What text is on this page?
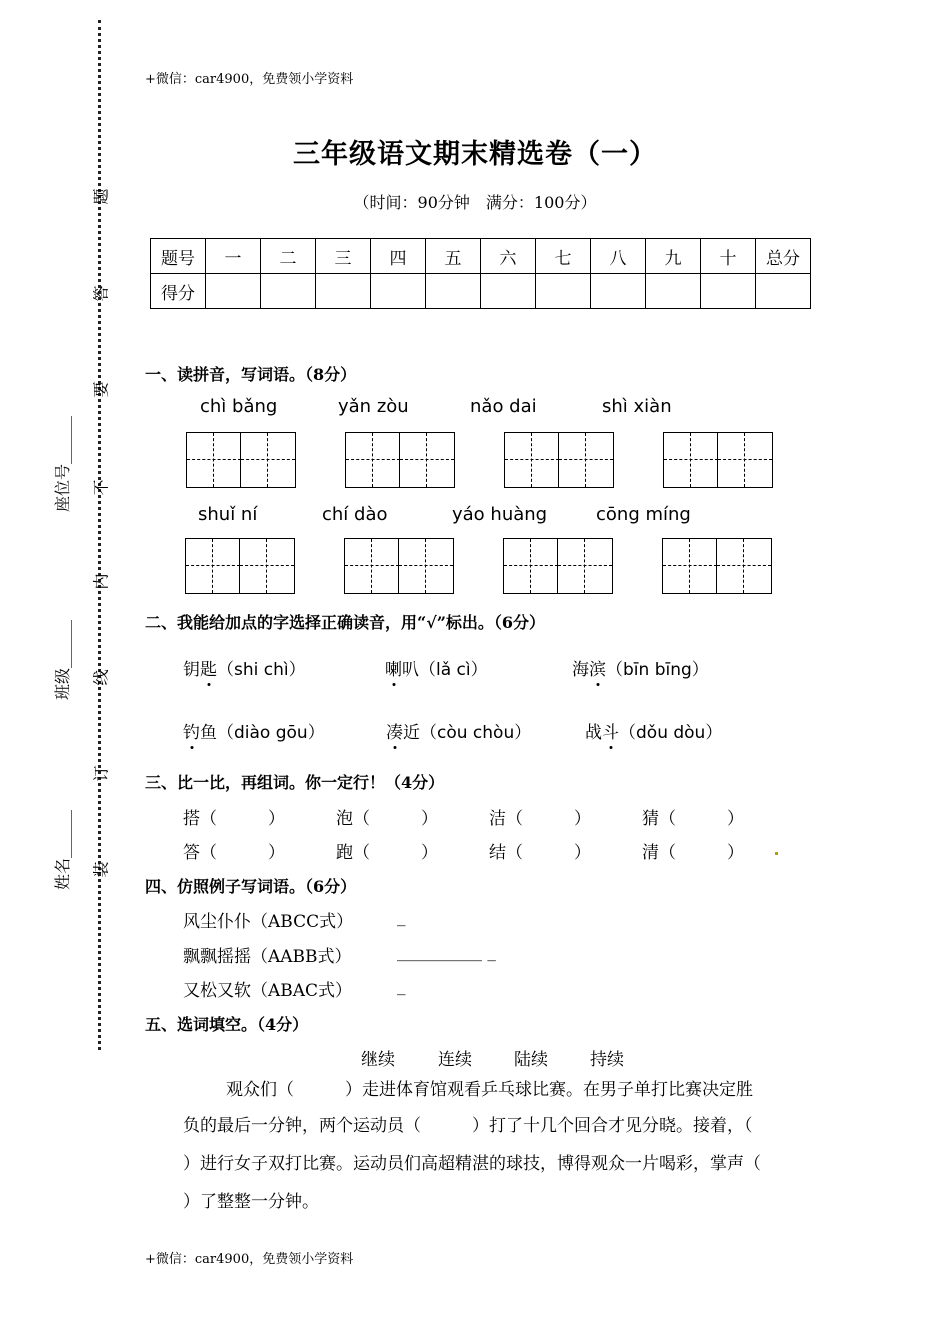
+微信：car4900，免费领小学资料
题
答
要
不
内
线
订
装
座位号______
班级______
姓名______
三年级语文期末精选卷（一）
（时间：90分钟　满分：100分）
题号	一	二	三	四	五	六	七	八	九	十	总分
得分											
一、读拼音，写词语。（8分）
chì bǎng	yǎn zòu	nǎo dai	shì xiàn
shuǐ ní	chí dào	yáo huàng	cōng míng
二、我能给加点的字选择正确读音，用“√”标出。（6分）
钥匙（shi chì）	喇叭（lǎ cì）	海滨（bīn bīng）
钓鱼（diào gōu）	凑近（còu chòu）	战斗（dǒu dòu）
三、比一比，再组词。你一定行！（4分）
搭（　　　）	泡（　　　）	洁（　　　）	猜（　　　）
答（　　　）	跑（　　　）	结（　　　）	清（　　　）
四、仿照例子写词语。（6分）
风尘仆仆（ABCC式）	_
飘飘摇摇（AABB式）	__________ _
又松又软（ABAC式）	_
五、选词填空。（4分）
继续	连续 陆续 持续
观众们（　　　）走进体育馆观看乒乓球比赛。在男子单打比赛决定胜
负的最后一分钟，两个运动员（　　　）打了十几个回合才见分晓。接着，（
）进行女子双打比赛。运动员们高超精湛的球技，博得观众一片喝彩，掌声（
）了整整一分钟。
+微信：car4900，免费领小学资料
